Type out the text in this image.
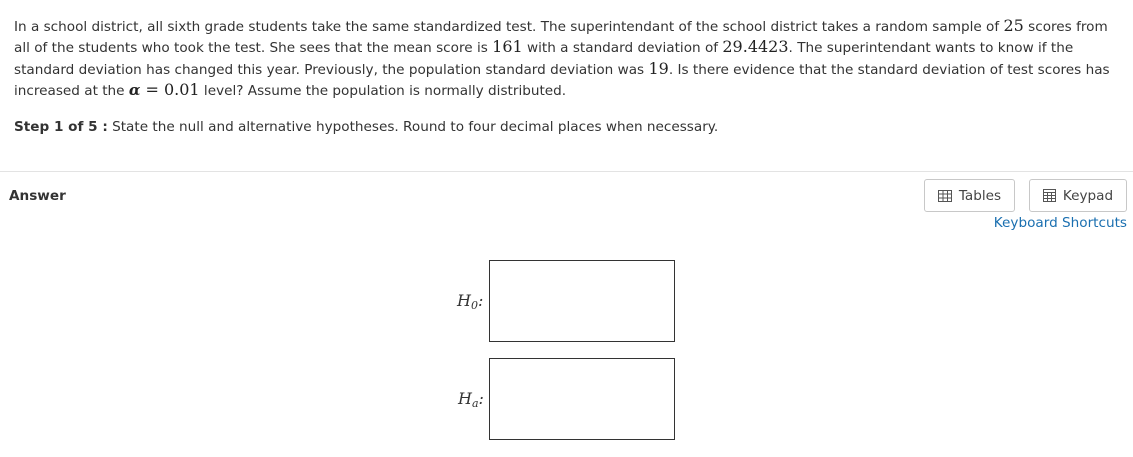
In a school district, all sixth grade students take the same standardized test. The superintendant of the school district takes a random sample of 25 scores from all of the students who took the test. She sees that the mean score is 161 with a standard deviation of 29.4423. The superintendant wants to know if the standard deviation has changed this year. Previously, the population standard deviation was 19. Is there evidence that the standard deviation of test scores has increased at the α = 0.01 level? Assume the population is normally distributed.
Step 1 of 5 : State the null and alternative hypotheses. Round to four decimal places when necessary.
Answer	Tables	Keypad
Keyboard Shortcuts
$H_0$:
$H_a$:
